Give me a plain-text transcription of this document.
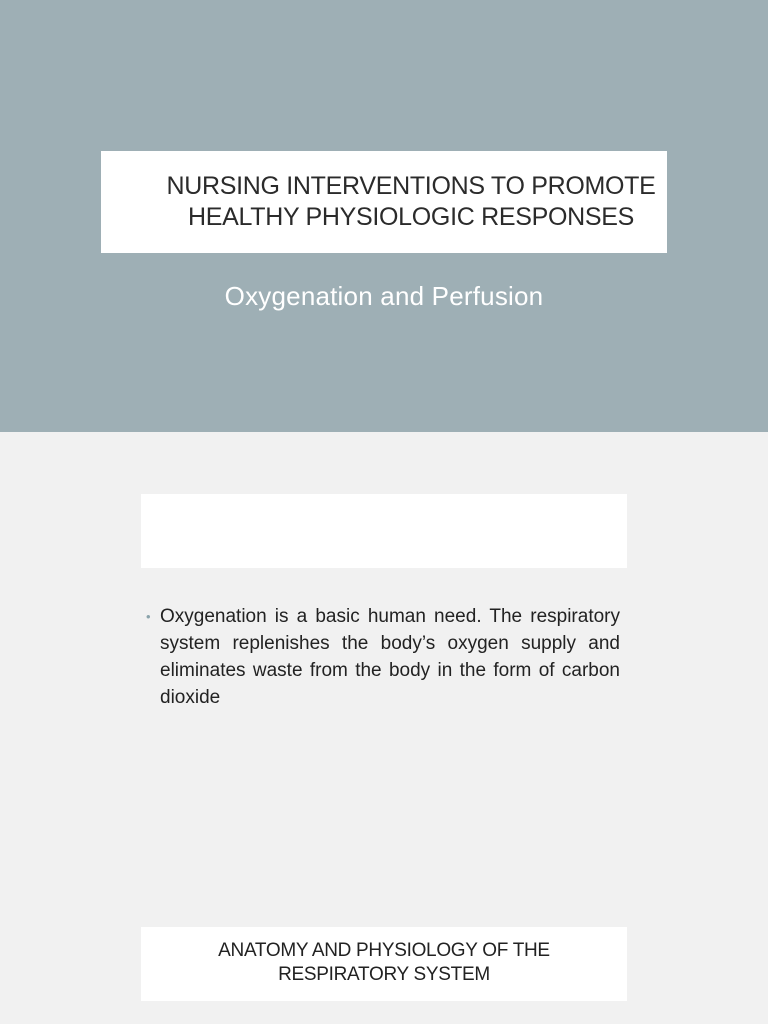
NURSING INTERVENTIONS TO PROMOTE
HEALTHY PHYSIOLOGIC RESPONSES
Oxygenation and Perfusion
• Oxygenation is a basic human need. The respiratory system replenishes the body’s oxygen supply and eliminates waste from the body in the form of carbon dioxide
ANATOMY AND PHYSIOLOGY OF THE
RESPIRATORY SYSTEM
